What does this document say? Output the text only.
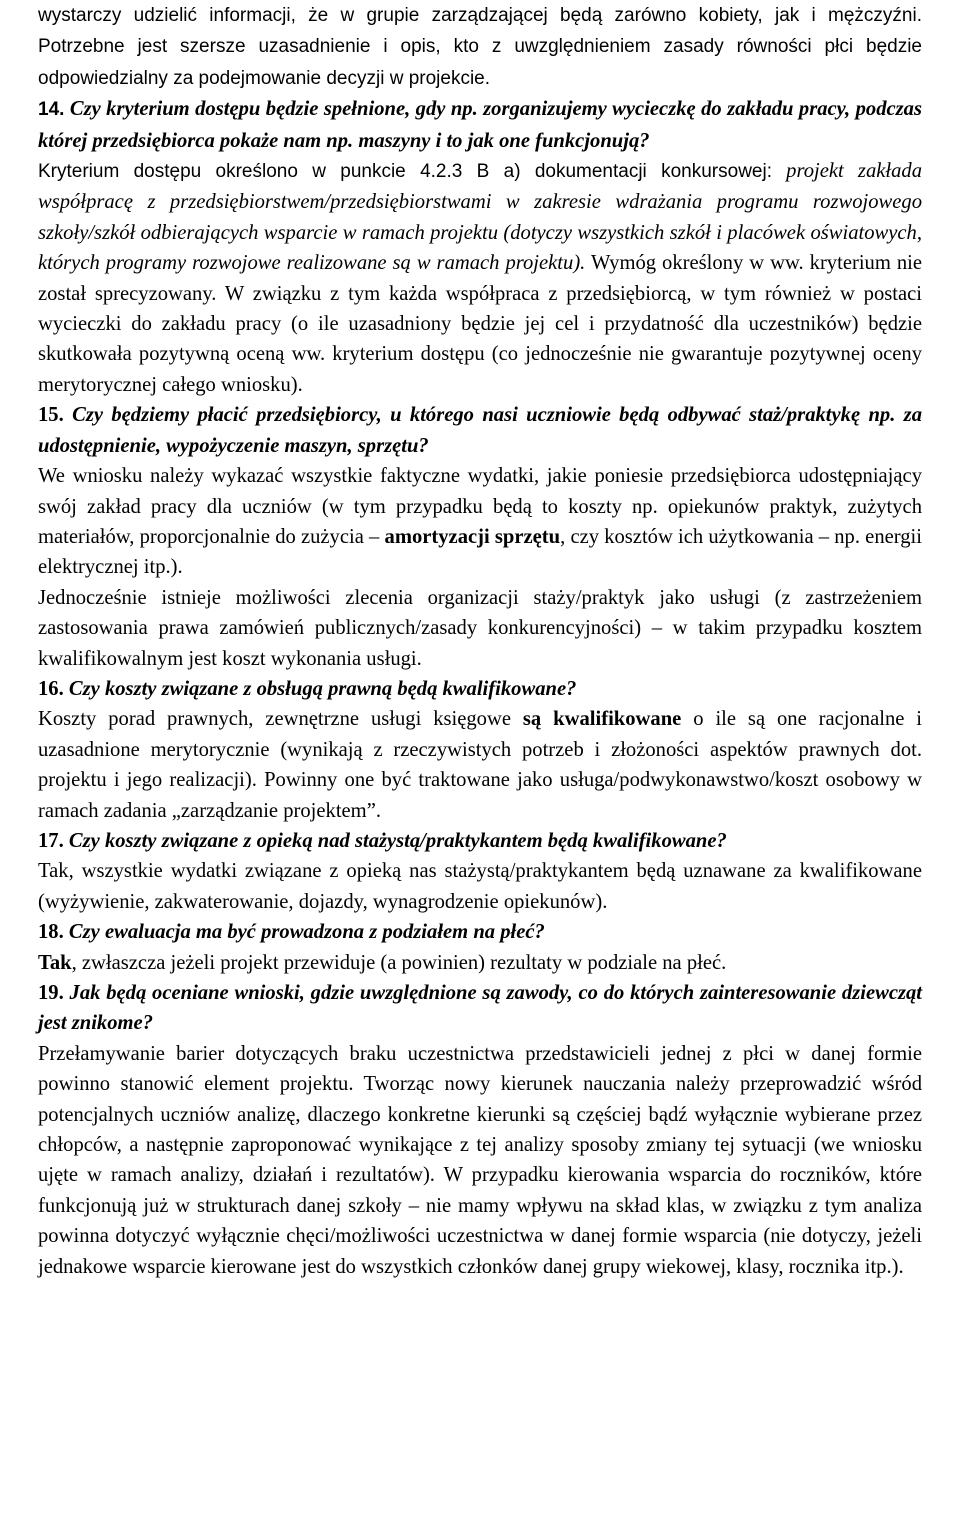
wystarczy udzielić informacji, że w grupie zarządzającej będą zarówno kobiety, jak i mężczyźni. Potrzebne jest szersze uzasadnienie i opis, kto z uwzględnieniem zasady równości płci będzie odpowiedzialny za podejmowanie decyzji w projekcie.

14. Czy kryterium dostępu będzie spełnione, gdy np. zorganizujemy wycieczkę do zakładu pracy, podczas której przedsiębiorca pokaże nam np. maszyny i to jak one funkcjonują?

Kryterium dostępu określono w punkcie 4.2.3 B a) dokumentacji konkursowej: projekt zakłada współpracę z przedsiębiorstwem/przedsiębiorstwami w zakresie wdrażania programu rozwojowego szkoły/szkół odbierających wsparcie w ramach projektu (dotyczy wszystkich szkół i placówek oświatowych, których programy rozwojowe realizowane są w ramach projektu). Wymóg określony w ww. kryterium nie został sprecyzowany. W związku z tym każda współpraca z przedsiębiorcą, w tym również w postaci wycieczki do zakładu pracy (o ile uzasadniony będzie jej cel i przydatność dla uczestników) będzie skutkowała pozytywną oceną ww. kryterium dostępu (co jednocześnie nie gwarantuje pozytywnej oceny merytorycznej całego wniosku).

15. Czy będziemy płacić przedsiębiorcy, u którego nasi uczniowie będą odbywać staż/praktykę np. za udostępnienie, wypożyczenie maszyn, sprzętu?

We wniosku należy wykazać wszystkie faktyczne wydatki, jakie poniesie przedsiębiorca udostępniający swój zakład pracy dla uczniów (w tym przypadku będą to koszty np. opiekunów praktyk, zużytych materiałów, proporcjonalnie do zużycia – amortyzacji sprzętu, czy kosztów ich użytkowania – np. energii elektrycznej itp.).

Jednocześnie istnieje możliwości zlecenia organizacji staży/praktyk jako usługi (z zastrzeżeniem zastosowania prawa zamówień publicznych/zasady konkurencyjności) – w takim przypadku kosztem kwalifikowalnym jest koszt wykonania usługi.

16. Czy koszty związane z obsługą prawną będą kwalifikowane?

Koszty porad prawnych, zewnętrzne usługi księgowe są kwalifikowane o ile są one racjonalne i uzasadnione merytorycznie (wynikają z rzeczywistych potrzeb i złożoności aspektów prawnych dot. projektu i jego realizacji). Powinny one być traktowane jako usługa/podwykonawstwo/koszt osobowy w ramach zadania „zarządzanie projektem”.

17. Czy koszty związane z opieką nad stażystą/praktykantem będą kwalifikowane?

Tak, wszystkie wydatki związane z opieką nas stażystą/praktykantem będą uznawane za kwalifikowane (wyżywienie, zakwaterowanie, dojazdy, wynagrodzenie opiekunów).

18. Czy ewaluacja ma być prowadzona z podziałem na płeć?

Tak, zwłaszcza jeżeli projekt przewiduje (a powinien) rezultaty w podziale na płeć.

19. Jak będą oceniane wnioski, gdzie uwzględnione są zawody, co do których zainteresowanie dziewcząt jest znikome?

Przełamywanie barier dotyczących braku uczestnictwa przedstawicieli jednej z płci w danej formie powinno stanowić element projektu. Tworząc nowy kierunek nauczania należy przeprowadzić wśród potencjalnych uczniów analizę, dlaczego konkretne kierunki są częściej bądź wyłącznie wybierane przez chłopców, a następnie zaproponować wynikające z tej analizy sposoby zmiany tej sytuacji (we wniosku ujęte w ramach analizy, działań i rezultatów). W przypadku kierowania wsparcia do roczników, które funkcjonują już w strukturach danej szkoły – nie mamy wpływu na skład klas, w związku z tym analiza powinna dotyczyć wyłącznie chęci/możliwości uczestnictwa w danej formie wsparcia (nie dotyczy, jeżeli jednakowe wsparcie kierowane jest do wszystkich członków danej grupy wiekowej, klasy, rocznika itp.).
